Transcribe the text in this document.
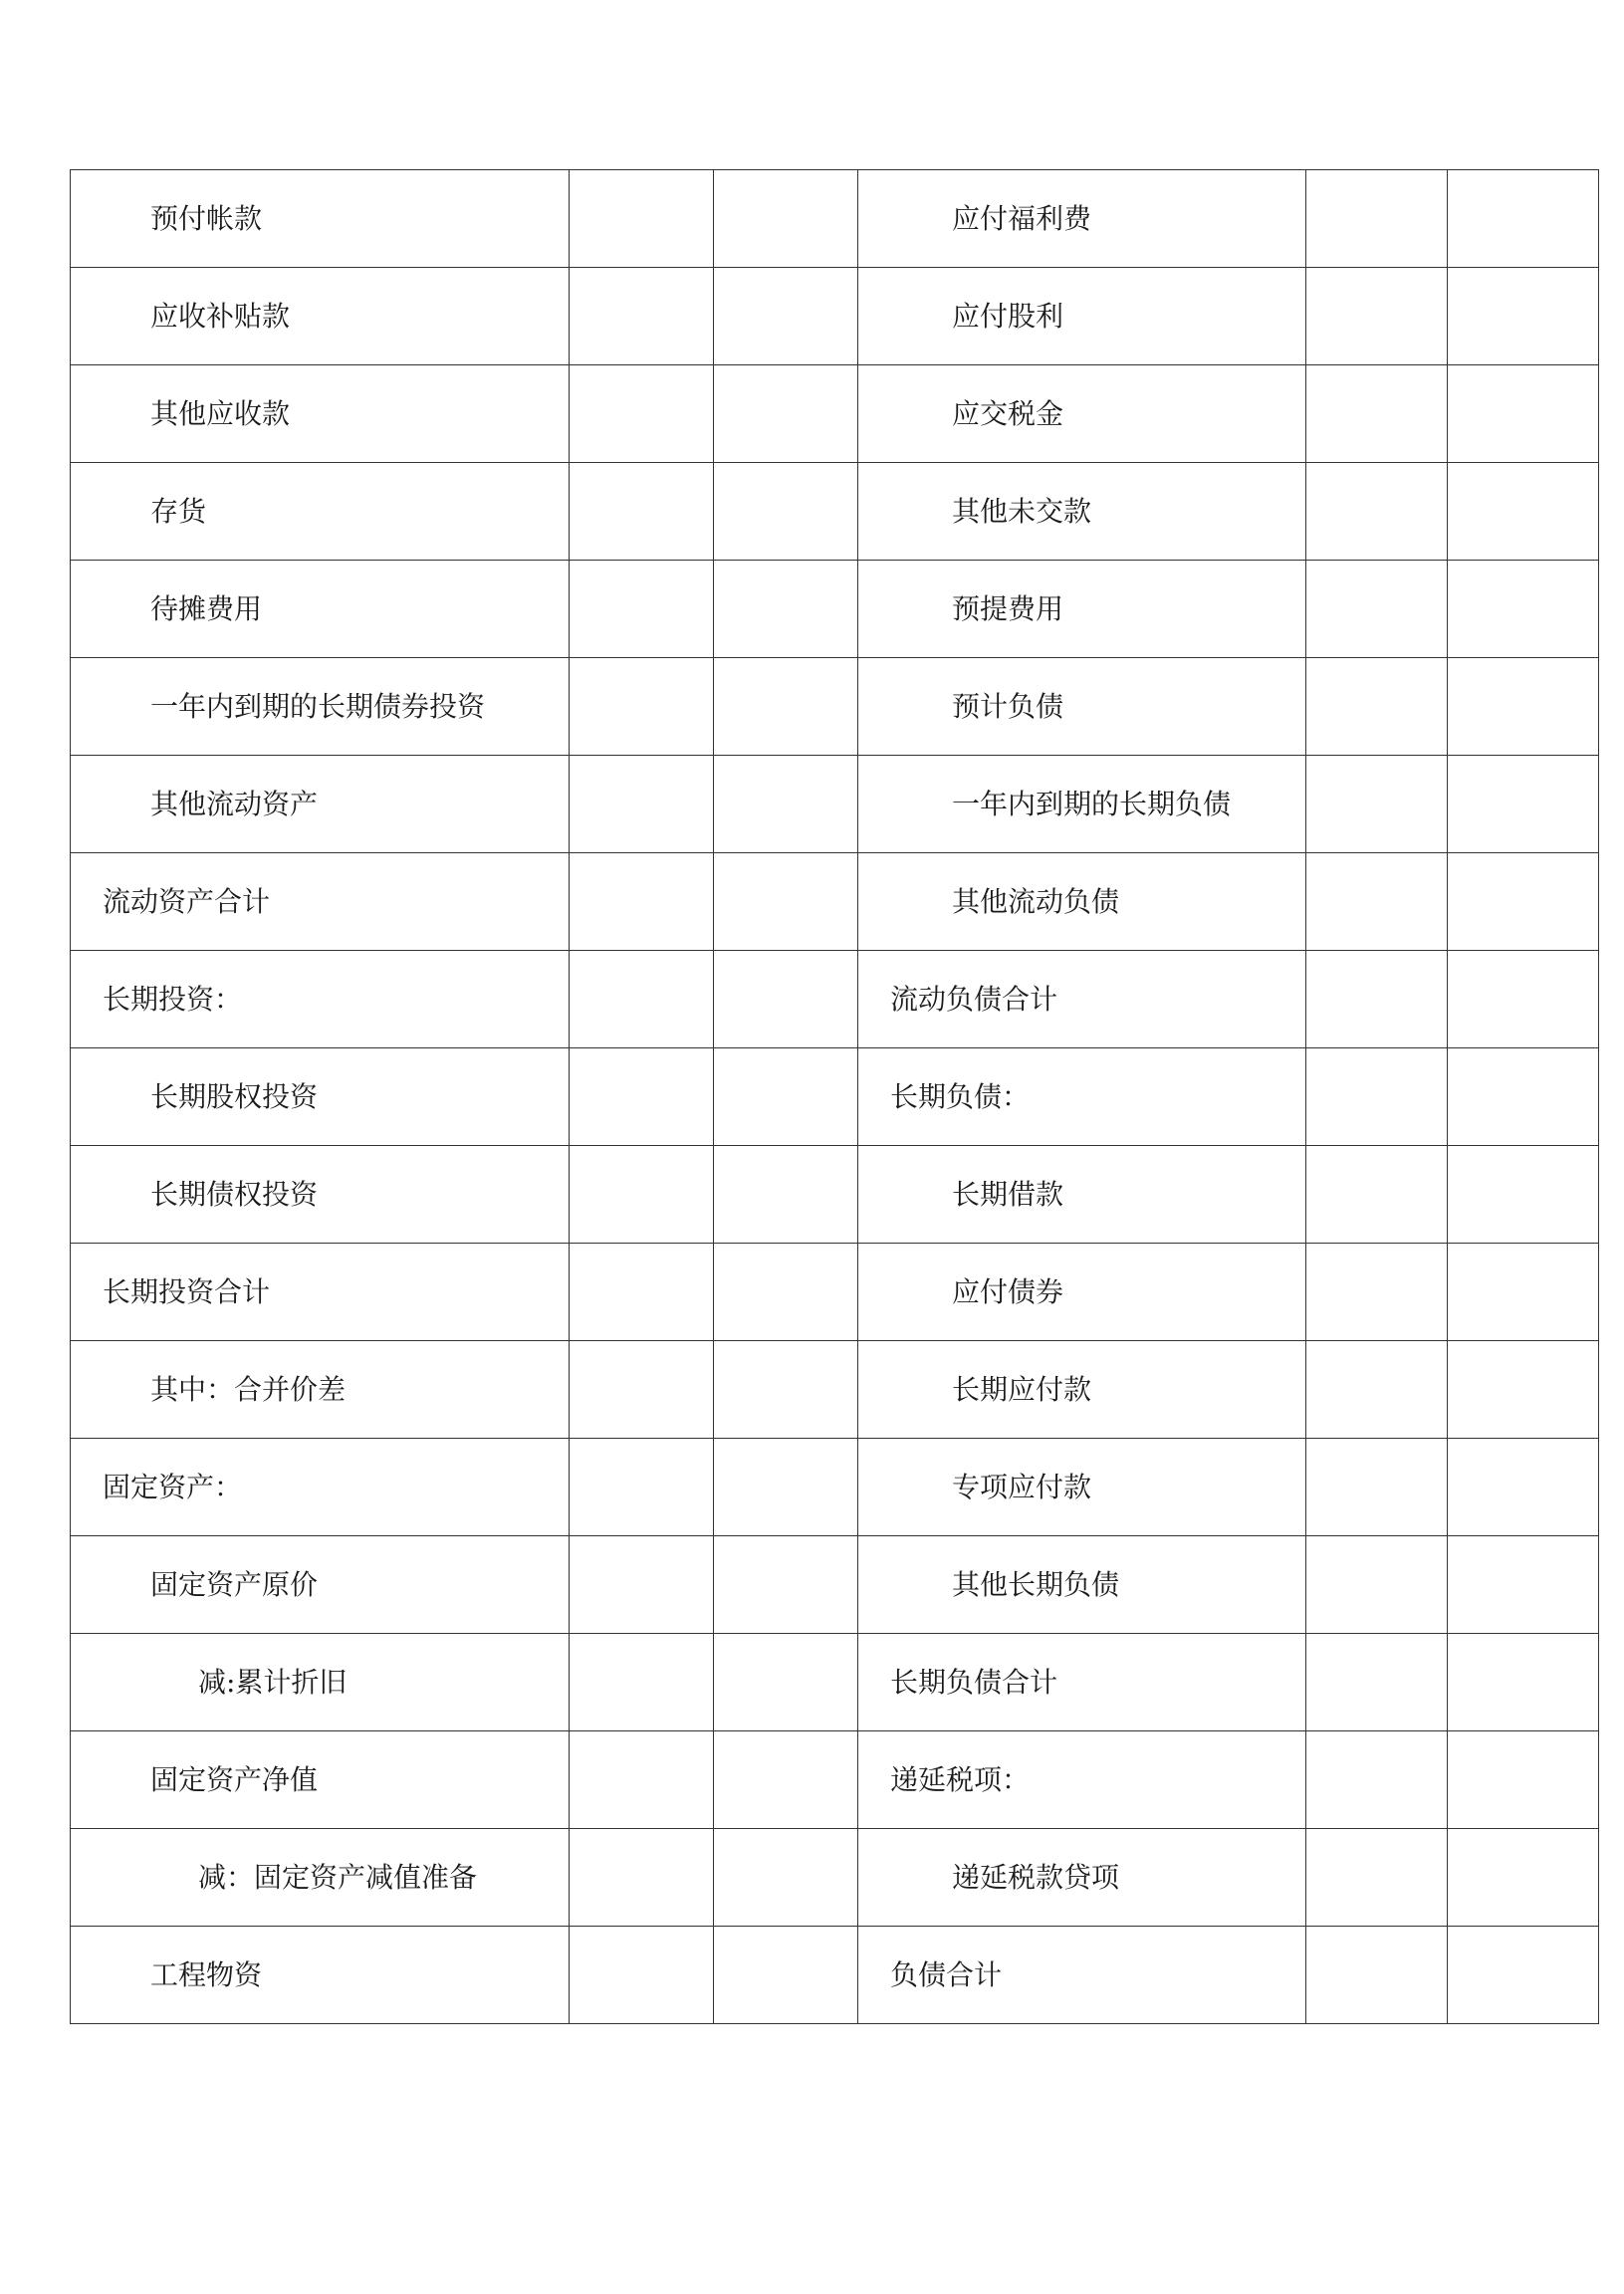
预付帐款			应付福利费		
应收补贴款			应付股利		
其他应收款			应交税金		
存货			其他未交款		
待摊费用			预提费用		
一年内到期的长期债券投资			预计负债		
其他流动资产			一年内到期的长期负债		
流动资产合计			其他流动负债		
长期投资：			流动负债合计		
长期股权投资			长期负债：		
长期债权投资			长期借款		
长期投资合计			应付债券		
其中：合并价差			长期应付款		
固定资产：			专项应付款		
固定资产原价			其他长期负债		
减:累计折旧			长期负债合计		
固定资产净值			递延税项：		
减：固定资产减值准备			递延税款贷项		
工程物资			负债合计		
